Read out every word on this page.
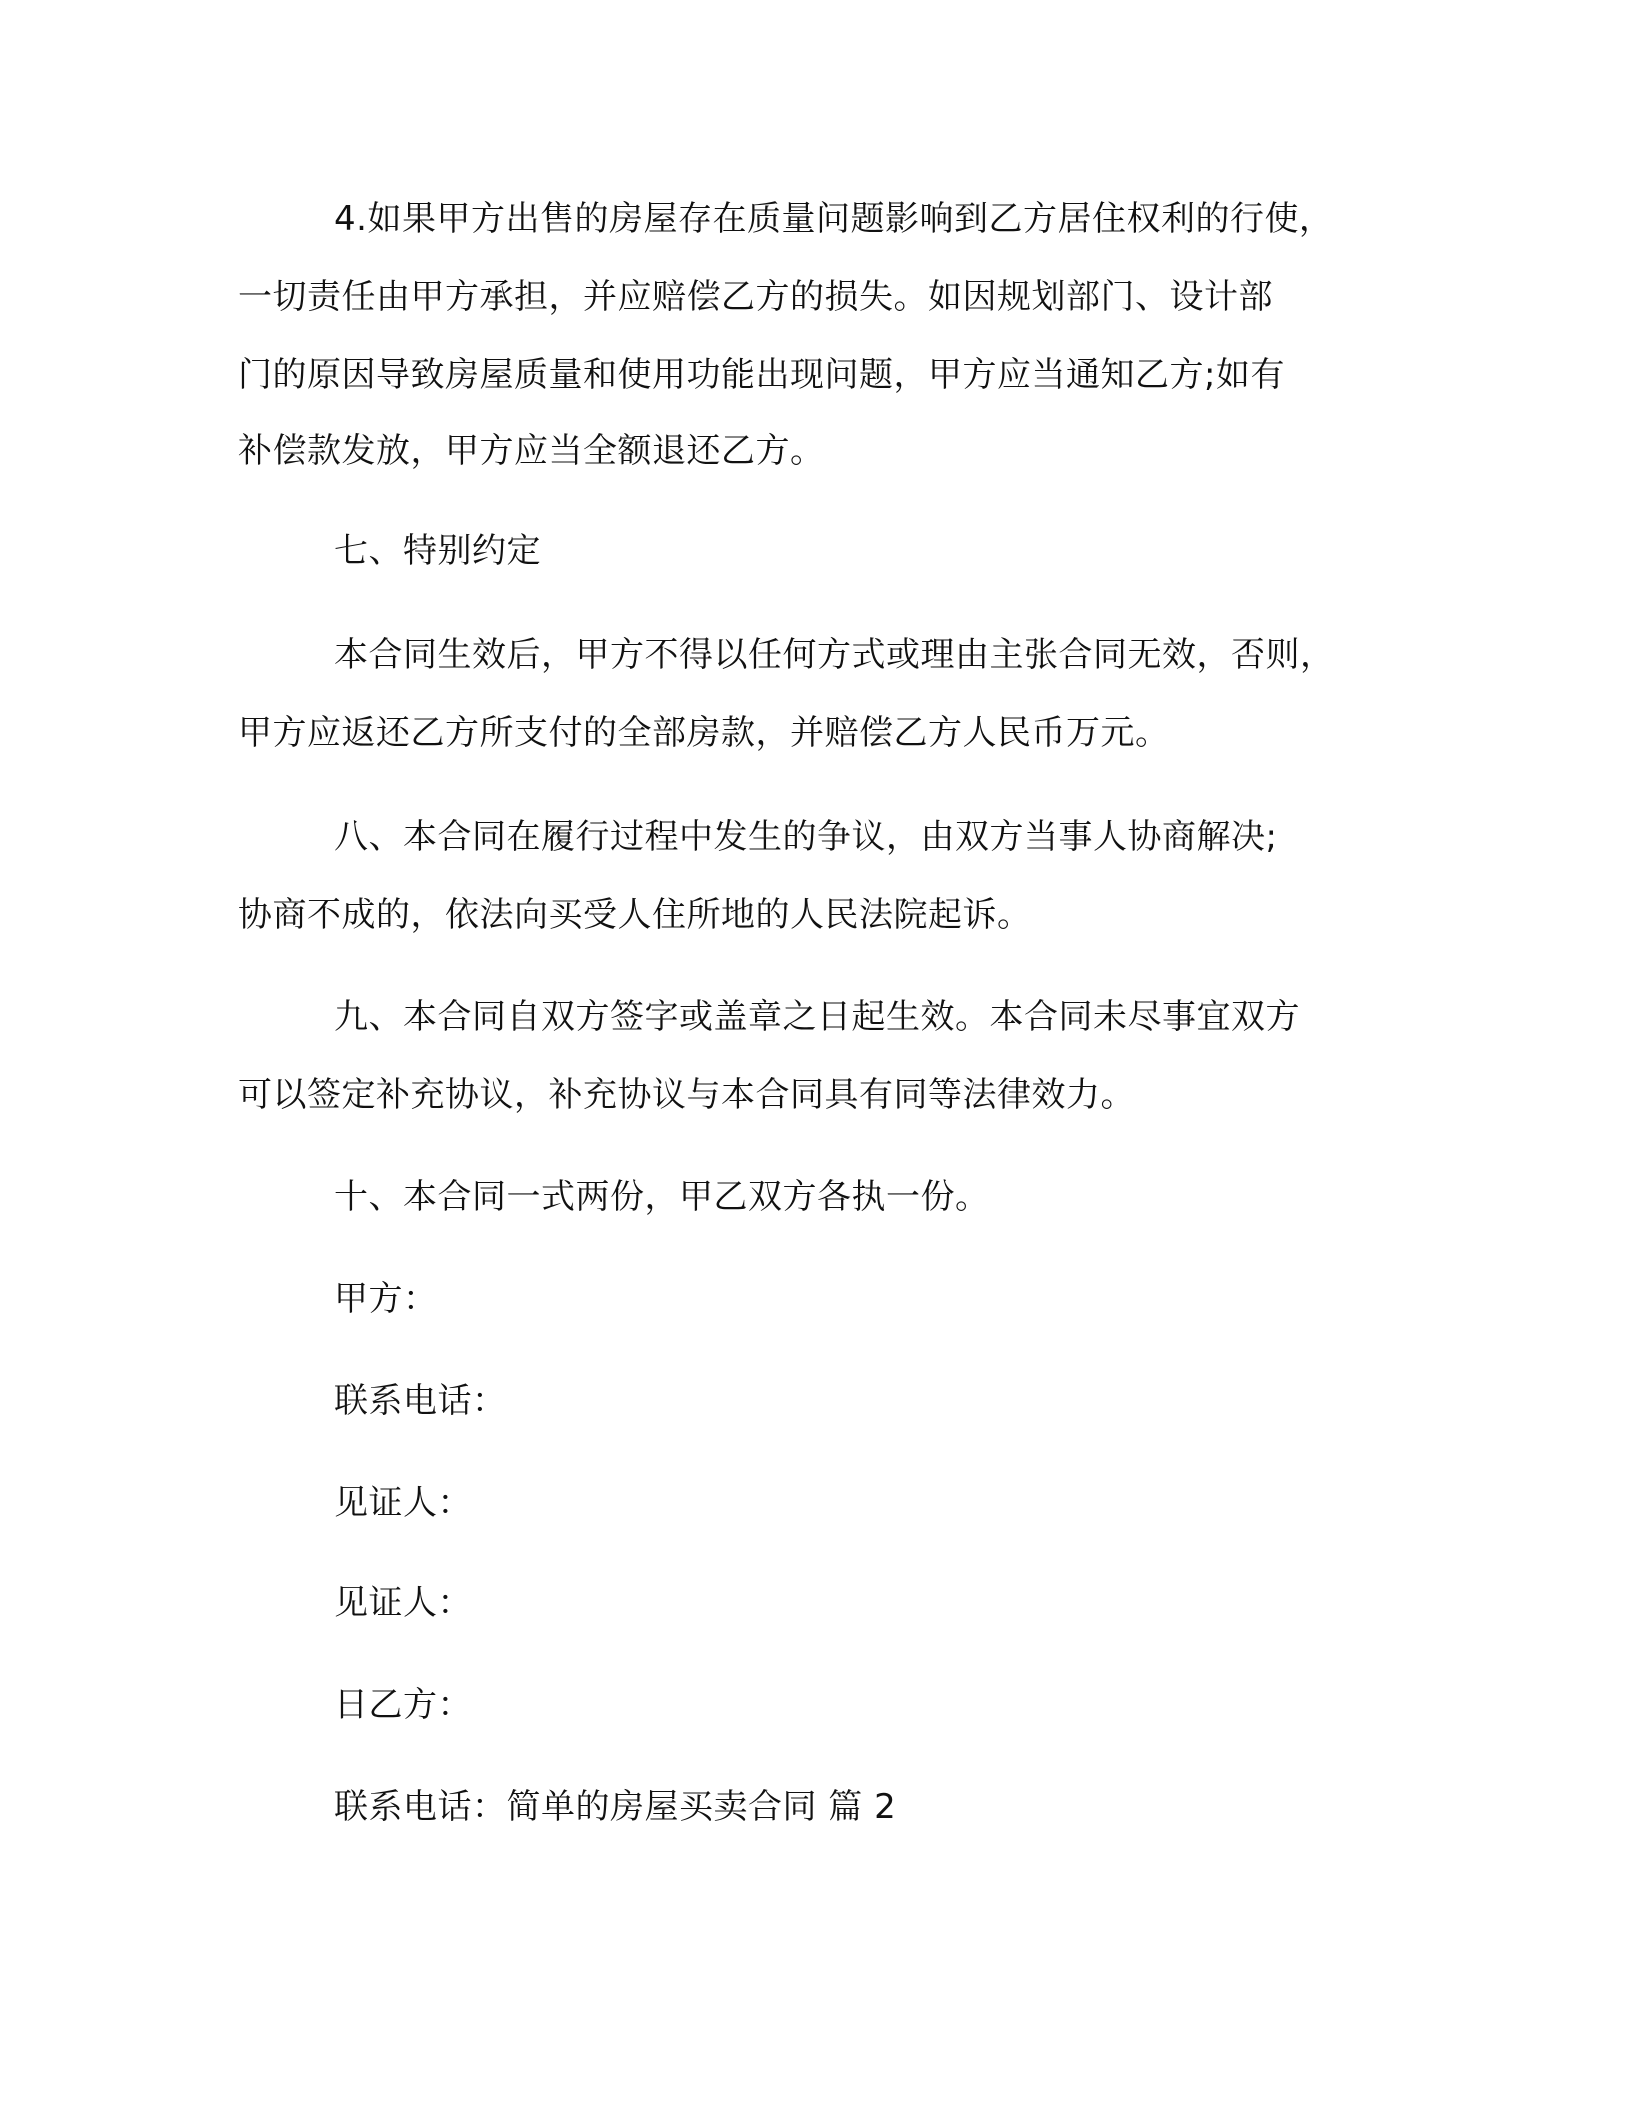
4.如果甲方出售的房屋存在质量问题影响到乙方居住权利的行使，
一切责任由甲方承担，并应赔偿乙方的损失。如因规划部门、设计部
门的原因导致房屋质量和使用功能出现问题，甲方应当通知乙方;如有
补偿款发放，甲方应当全额退还乙方。
七、特别约定
本合同生效后，甲方不得以任何方式或理由主张合同无效，否则，
甲方应返还乙方所支付的全部房款，并赔偿乙方人民币万元。
八、本合同在履行过程中发生的争议，由双方当事人协商解决;
协商不成的，依法向买受人住所地的人民法院起诉。
九、本合同自双方签字或盖章之日起生效。本合同未尽事宜双方
可以签定补充协议，补充协议与本合同具有同等法律效力。
十、本合同一式两份，甲乙双方各执一份。
甲方：
联系电话：
见证人：
见证人：
日乙方：
联系电话：简单的房屋买卖合同 篇 2
